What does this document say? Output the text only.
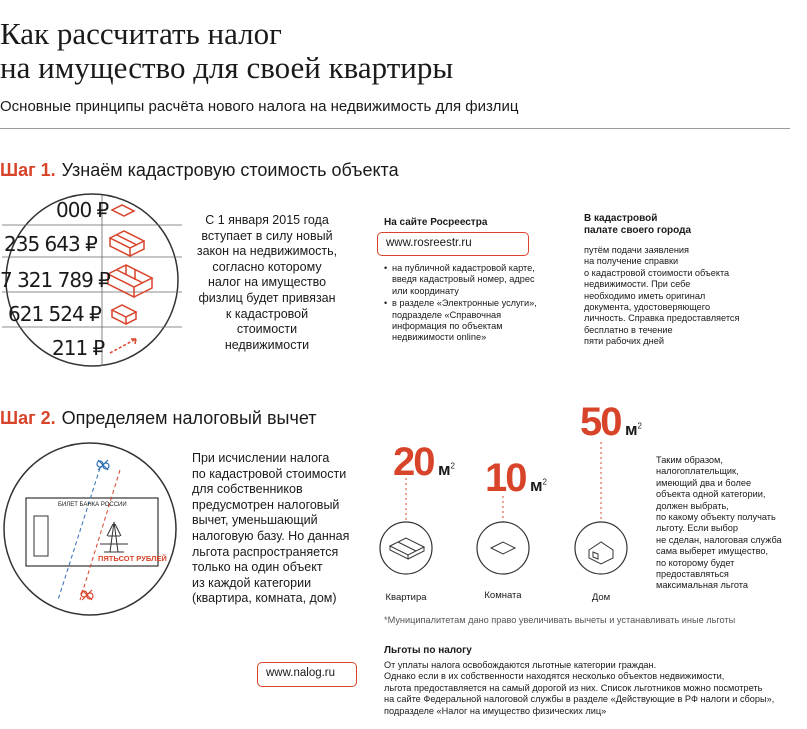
Как рассчитать налог
на имущество для своей квартиры
Основные принципы расчёта нового налога на недвижимость для физлиц
Шаг 1. Узнаём кадастровую стоимость объекта
000 ₽
235 643 ₽
7 321 789 ₽
621 524 ₽
211 ₽
С 1 января 2015 года
вступает в силу новый
закон на недвижимость,
согласно которому
налог на имущество
физлиц будет привязан
к кадастровой
стоимости
недвижимости
На сайте Росреестра
www.rosreestr.ru
• на публичной кадастровой карте, введя кадастровый номер, адрес или координату
• в разделе «Электронные услуги», подразделе «Справочная информация по объектам недвижимости online»
В кадастровой
палате своего города
путём подачи заявления
на получение справки
о кадастровой стоимости объекта
недвижимости. При себе
необходимо иметь оригинал
документа, удостоверяющего
личность. Справка предоставляется
бесплатно в течение
пяти рабочих дней
Шаг 2. Определяем налоговый вычет
БИЛЕТ БАНКА РОССИИ
ПЯТЬСОТ РУБЛЕЙ
При исчислении налога
по кадастровой стоимости
для собственников
предусмотрен налоговый
вычет, уменьшающий
налоговую базу. Но данная
льгота распространяется
только на один объект
из каждой категории
(квартира, комната, дом)
20 $м^2$ 10 $м^2$
50 $м^2$
Квартира	Комната	Дом
Таким образом,
налогоплательщик,
имеющий два и более
объекта одной категории,
должен выбрать,
по какому объекту получать
льготу. Если выбор
не сделан, налоговая служба
сама выберет имущество,
по которому будет
предоставляться
максимальная льгота
*Муниципалитетам дано право увеличивать вычеты и устанавливать иные льготы
www.nalog.ru
Льготы по налогу
От уплаты налога освобождаются льготные категории граждан.
Однако если в их собственности находятся несколько объектов недвижимости,
льгота предоставляется на самый дорогой из них. Список льготников можно посмотреть
на сайте Федеральной налоговой службы в разделе «Действующие в РФ налоги и сборы»,
подразделе «Налог на имущество физических лиц»
